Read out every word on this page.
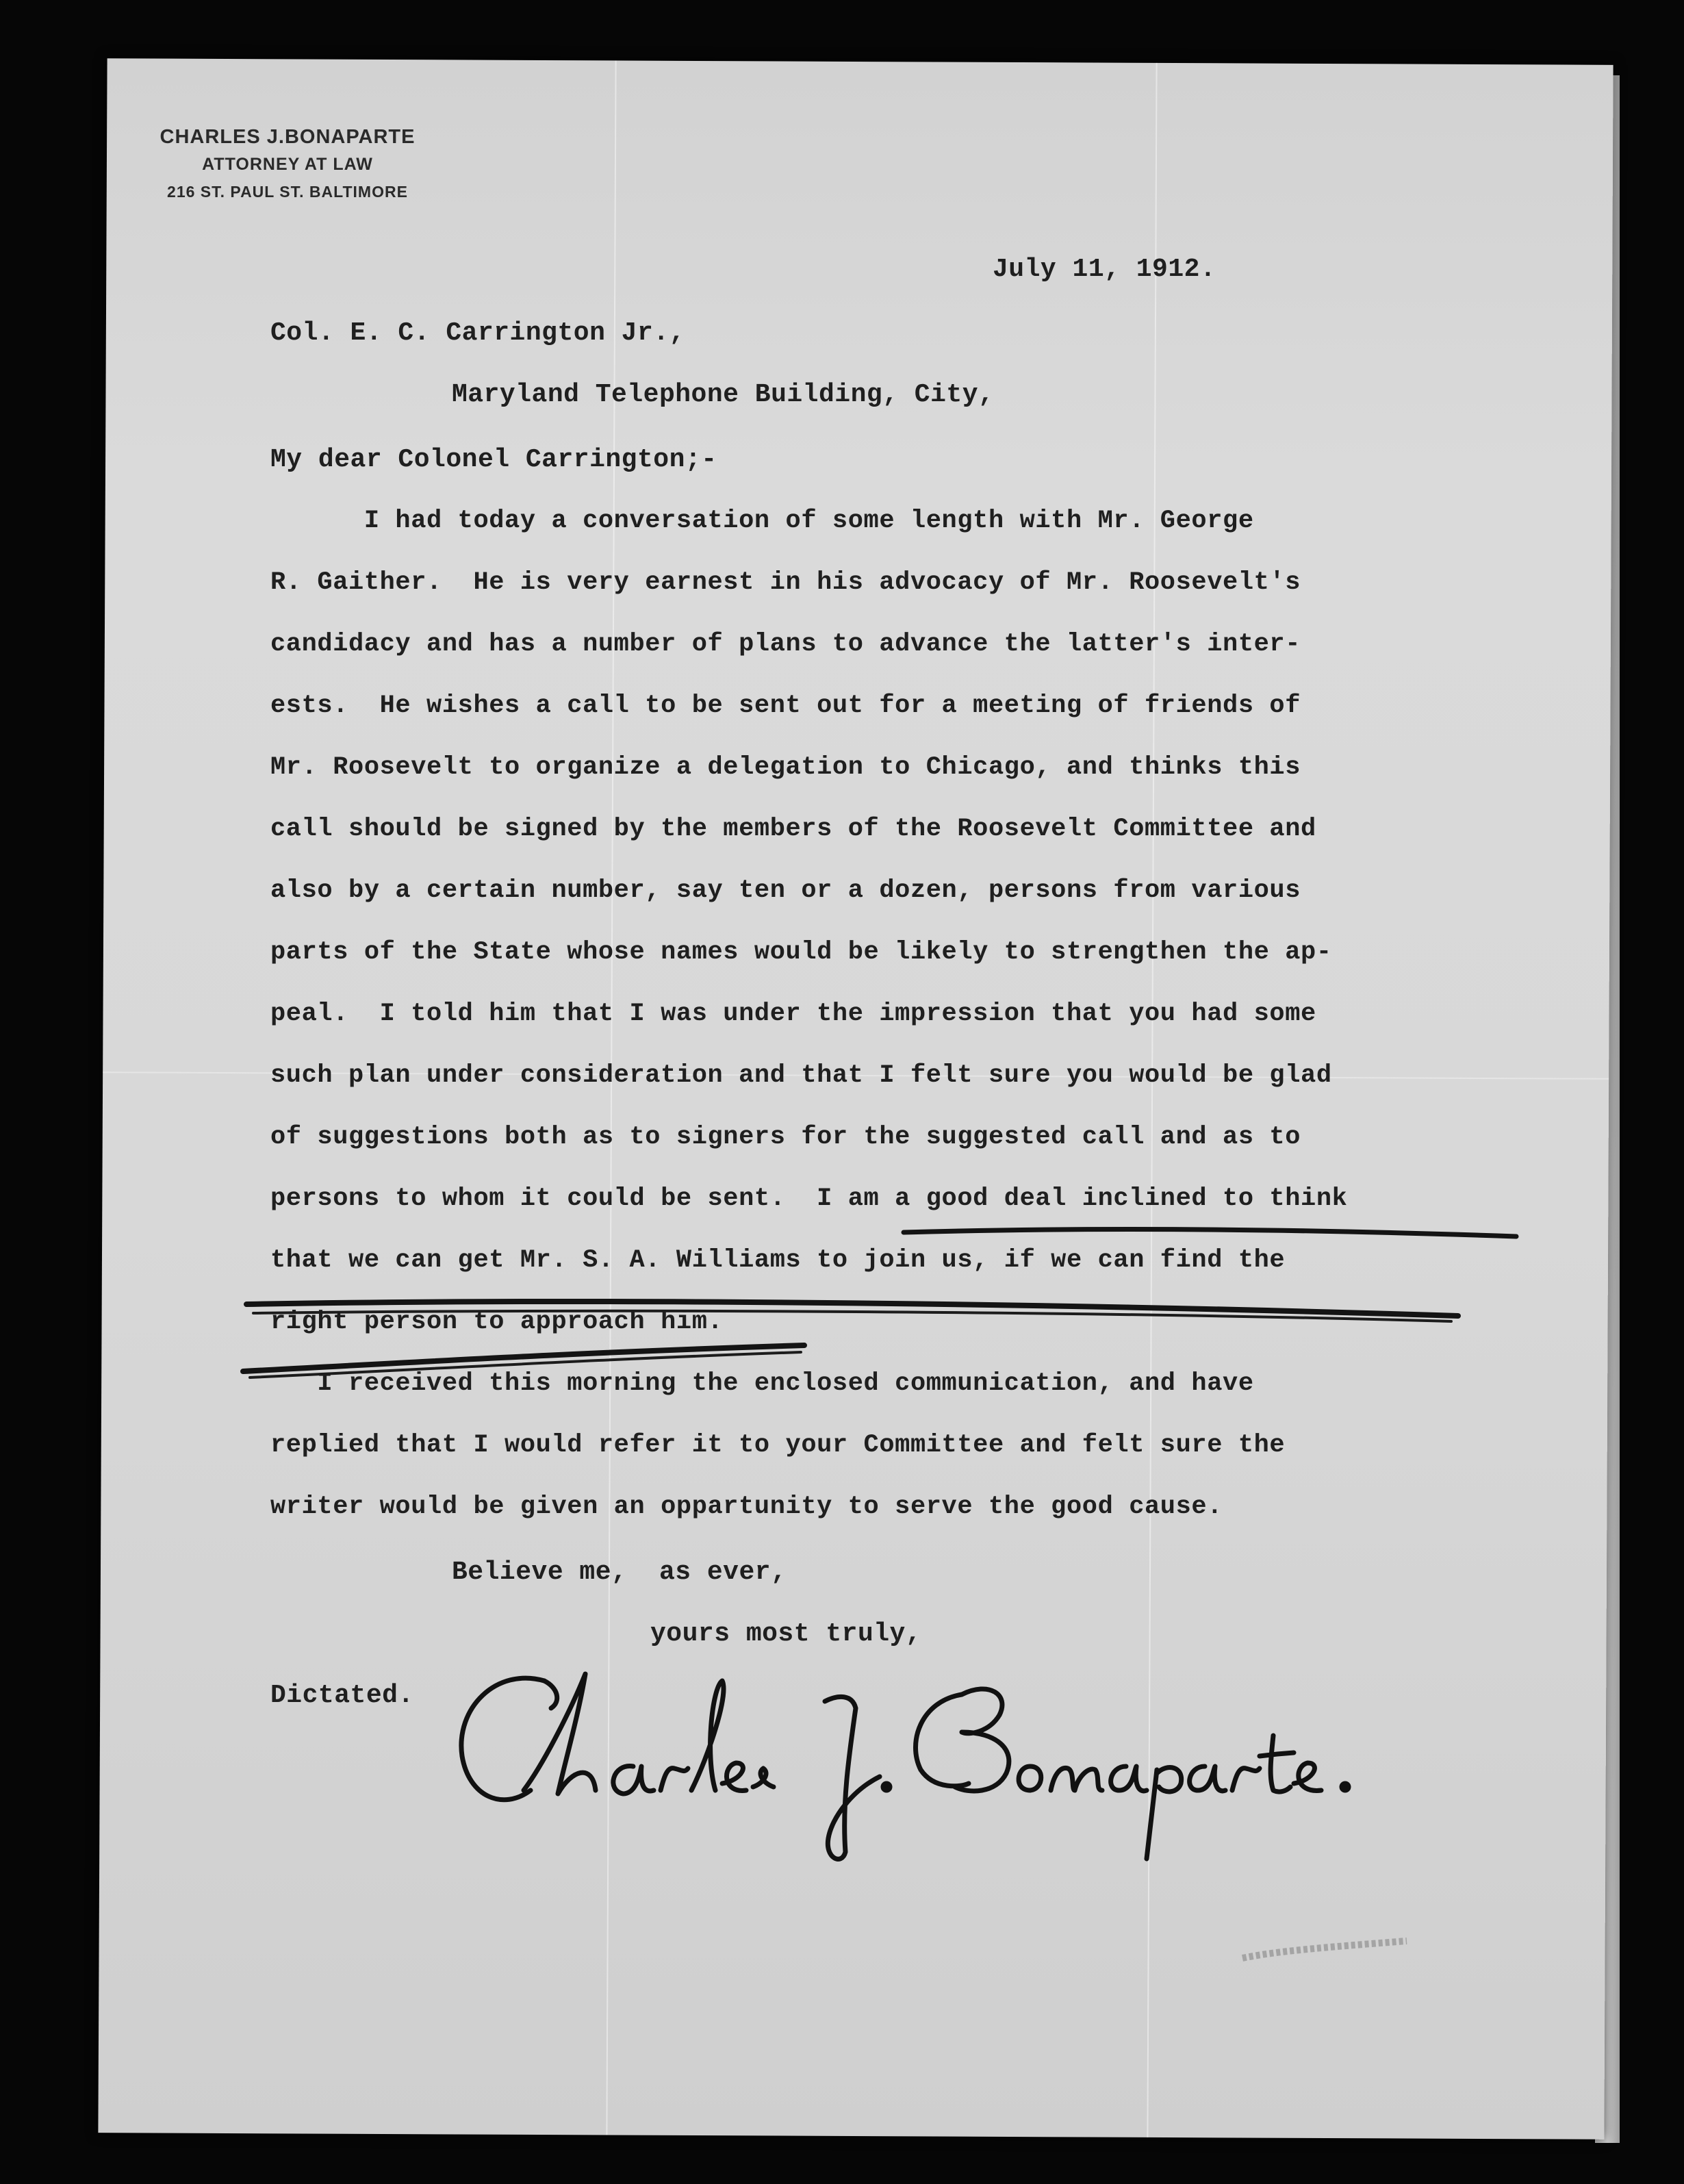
CHARLES J.BONAPARTE
ATTORNEY AT LAW
216 ST. PAUL ST. BALTIMORE
July 11, 1912.
Col. E. C. Carrington Jr.,
Maryland Telephone Building, City,
My dear Colonel Carrington;-
I had today a conversation of some length with Mr. George
R. Gaither.  He is very earnest in his advocacy of Mr. Roosevelt's
candidacy and has a number of plans to advance the latter's inter-
ests.  He wishes a call to be sent out for a meeting of friends of
Mr. Roosevelt to organize a delegation to Chicago, and thinks this
call should be signed by the members of the Roosevelt Committee and
also by a certain number, say ten or a dozen, persons from various
parts of the State whose names would be likely to strengthen the ap-
peal.  I told him that I was under the impression that you had some
such plan under consideration and that I felt sure you would be glad
of suggestions both as to signers for the suggested call and as to
persons to whom it could be sent.  I am a good deal inclined to think
that we can get Mr. S. A. Williams to join us, if we can find the
right person to approach him.
I received this morning the enclosed communication, and have
replied that I would refer it to your Committee and felt sure the
writer would be given an oppartunity to serve the good cause.
Believe me,  as ever,
yours most truly,
Dictated.
